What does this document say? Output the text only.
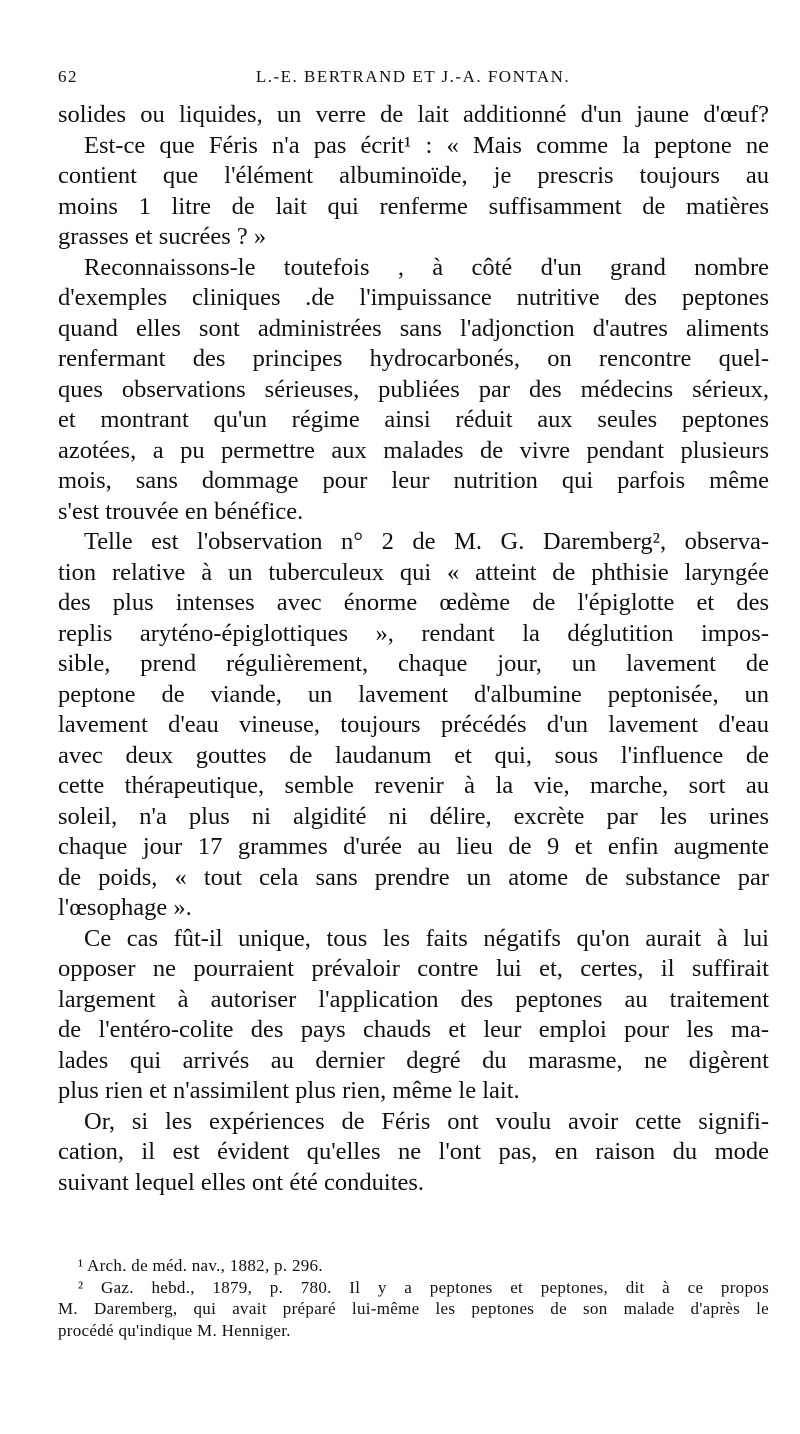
62	L.-E. BERTRAND ET J.-A. FONTAN.
solides ou liquides, un verre de lait additionné d'un jaune d'œuf?
Est-ce que Féris n'a pas écrit¹ : « Mais comme la peptone ne
contient que l'élément albuminoïde, je prescris toujours au
moins 1 litre de lait qui renferme suffisamment de matières
grasses et sucrées ? »
Reconnaissons-le toutefois , à côté d'un grand nombre
d'exemples cliniques .de l'impuissance nutritive des peptones
quand elles sont administrées sans l'adjonction d'autres aliments
renfermant des principes hydrocarbonés, on rencontre quel-
ques observations sérieuses, publiées par des médecins sérieux,
et montrant qu'un régime ainsi réduit aux seules peptones
azotées, a pu permettre aux malades de vivre pendant plusieurs
mois, sans dommage pour leur nutrition qui parfois même
s'est trouvée en bénéfice.
Telle est l'observation n° 2 de M. G. Daremberg², observa-
tion relative à un tuberculeux qui « atteint de phthisie laryngée
des plus intenses avec énorme œdème de l'épiglotte et des
replis aryténo-épiglottiques », rendant la déglutition impos-
sible, prend régulièrement, chaque jour, un lavement de
peptone de viande, un lavement d'albumine peptonisée, un
lavement d'eau vineuse, toujours précédés d'un lavement d'eau
avec deux gouttes de laudanum et qui, sous l'influence de
cette thérapeutique, semble revenir à la vie, marche, sort au
soleil, n'a plus ni algidité ni délire, excrète par les urines
chaque jour 17 grammes d'urée au lieu de 9 et enfin augmente
de poids, « tout cela sans prendre un atome de substance par
l'œsophage ».
Ce cas fût-il unique, tous les faits négatifs qu'on aurait à lui
opposer ne pourraient prévaloir contre lui et, certes, il suffirait
largement à autoriser l'application des peptones au traitement
de l'entéro-colite des pays chauds et leur emploi pour les ma-
lades qui arrivés au dernier degré du marasme, ne digèrent
plus rien et n'assimilent plus rien, même le lait.
Or, si les expériences de Féris ont voulu avoir cette signifi-
cation, il est évident qu'elles ne l'ont pas, en raison du mode
suivant lequel elles ont été conduites.
¹ Arch. de méd. nav., 1882, p. 296.
² Gaz. hebd., 1879, p. 780. Il y a peptones et peptones, dit à ce propos
M. Daremberg, qui avait préparé lui-même les peptones de son malade d'après le
procédé qu'indique M. Henniger.
